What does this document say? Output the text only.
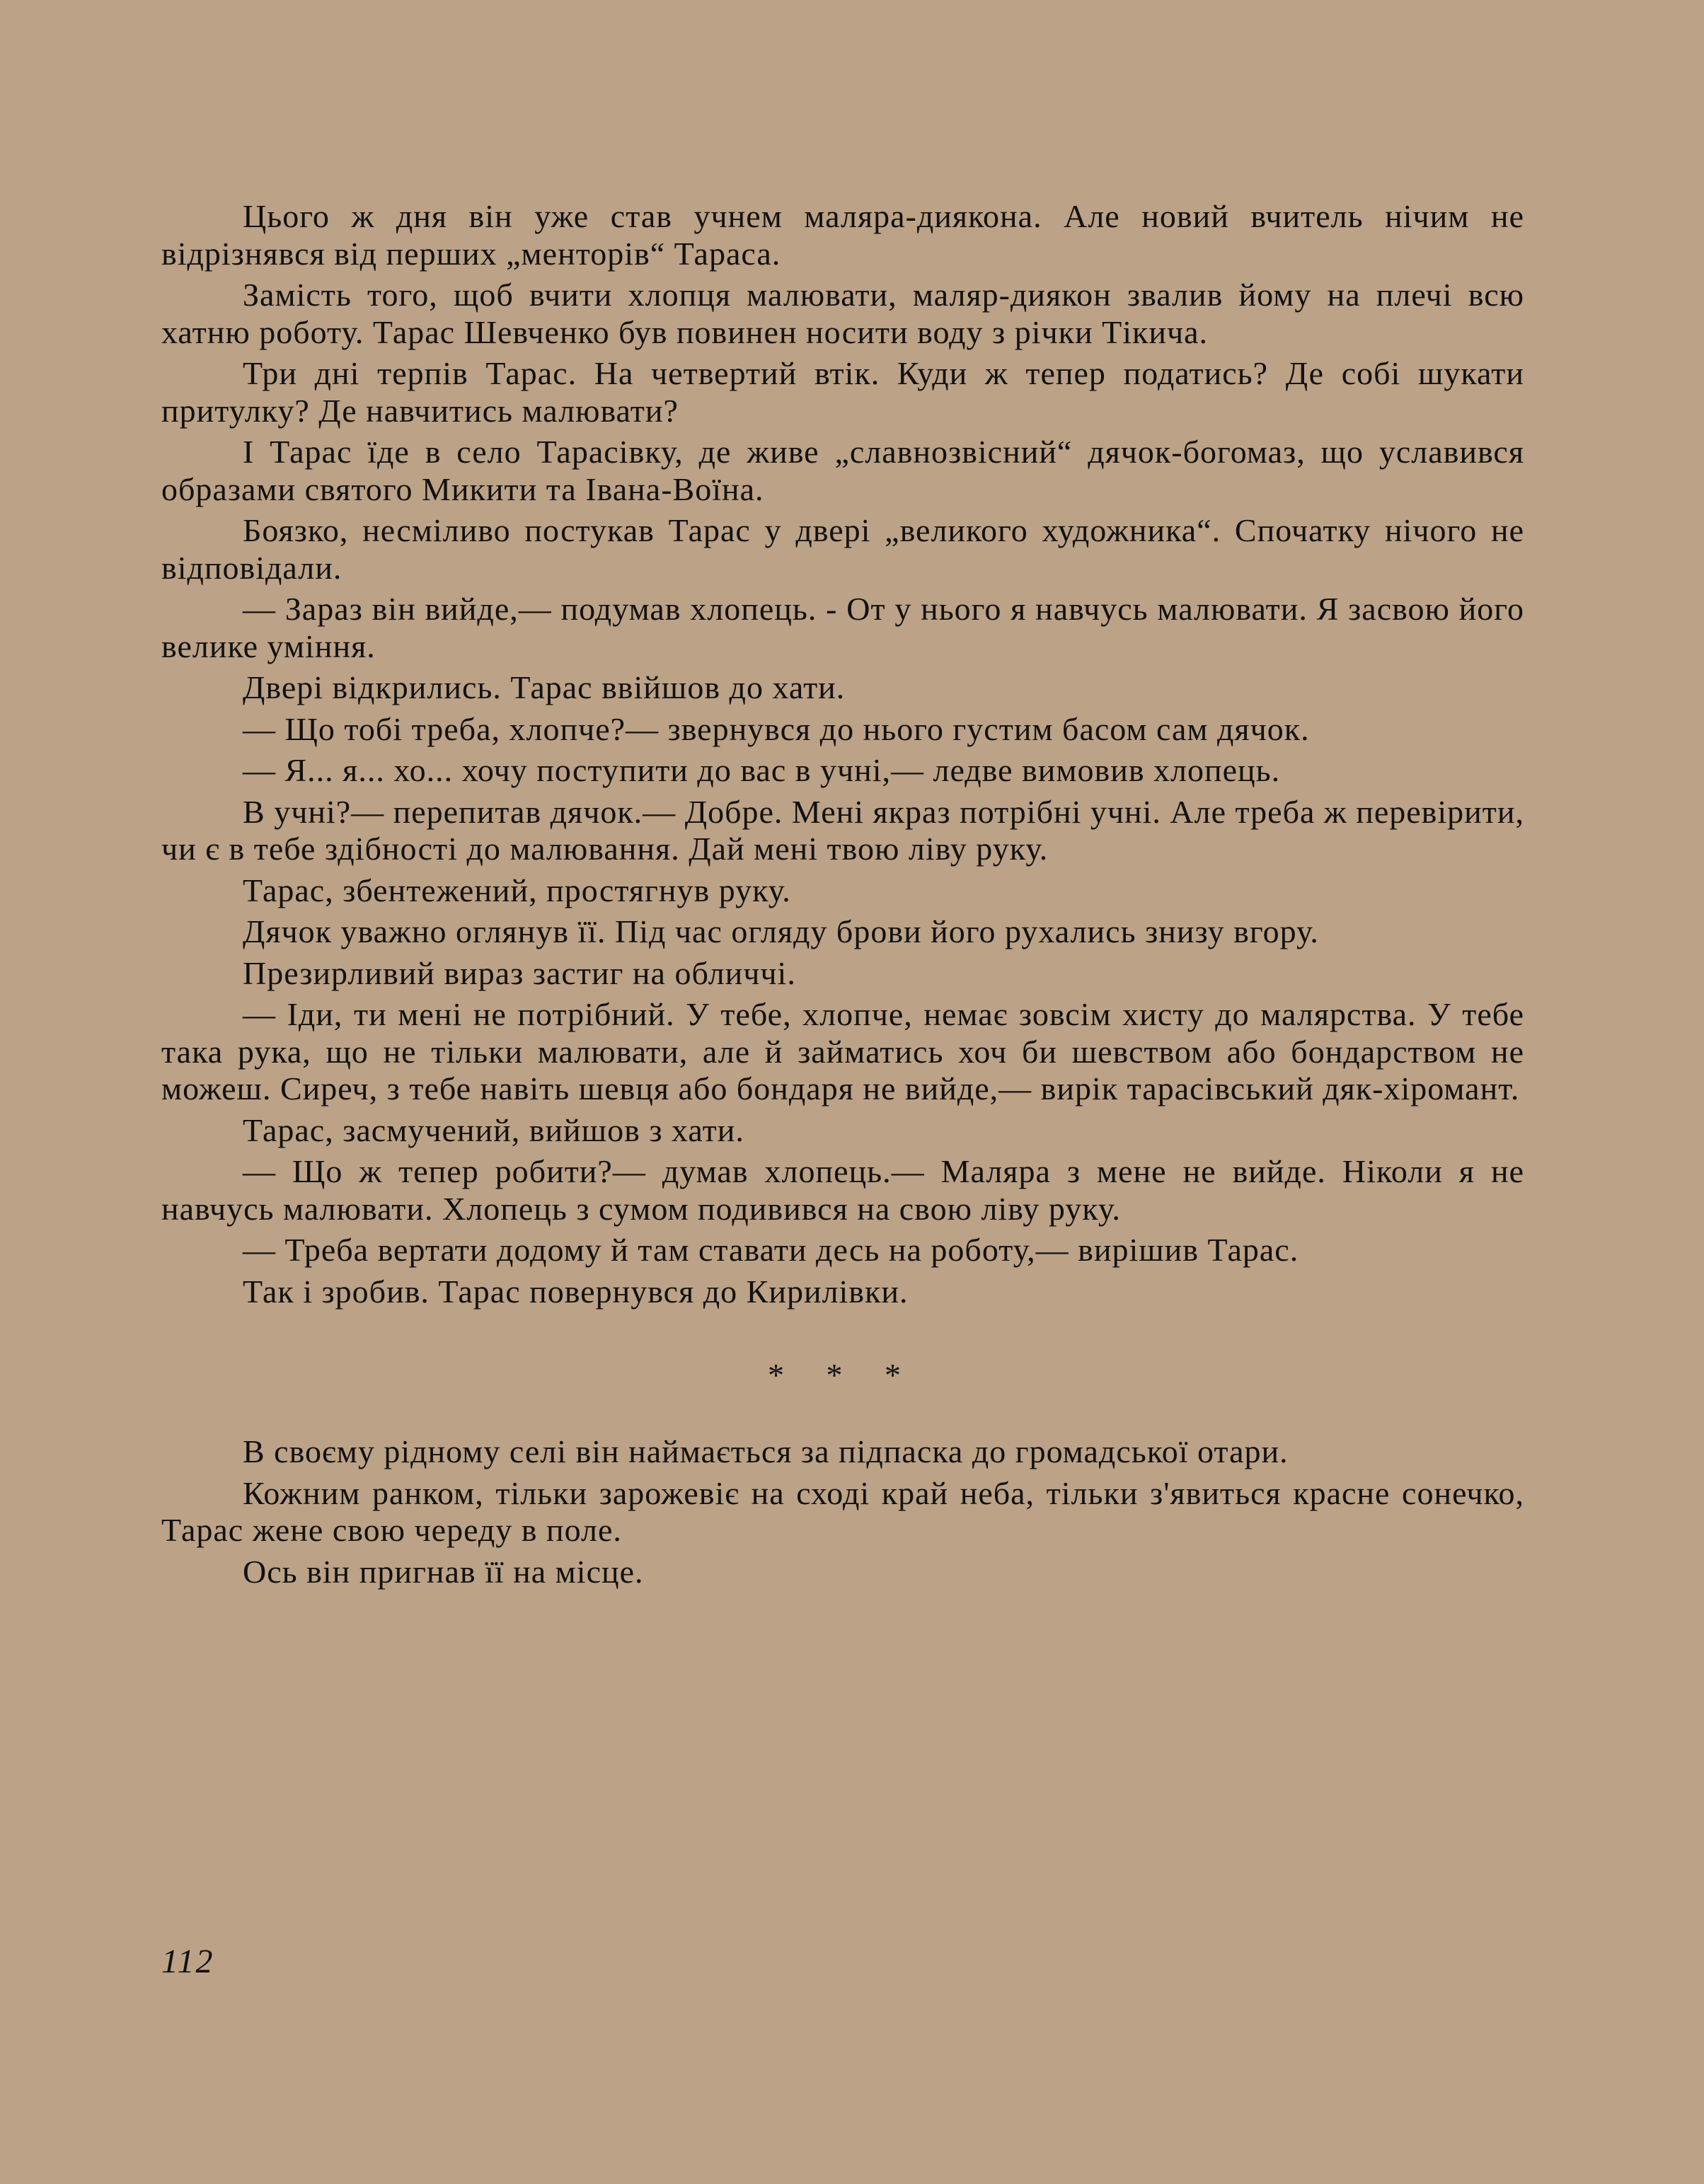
Цього ж дня він уже став учнем маляра-диякона. Але новий вчитель нічим не відрізнявся від перших „менторів“ Тараса.

Замість того, щоб вчити хлопця малювати, маляр-диякон звалив йому на плечі всю хатню роботу. Тарас Шевченко був повинен носити воду з річки Тікича.

Три дні терпів Тарас. На четвертий втік. Куди ж тепер податись? Де собі шукати притулку? Де навчитись малювати?

І Тарас їде в село Тарасівку, де живе „славнозвісний“ дячок-богомаз, що уславився образами святого Микити та Івана-Воїна.

Боязко, несміливо постукав Тарас у двері „великого художника“. Спочатку нічого не відповідали.

— Зараз він вийде,— подумав хлопець. - От у нього я навчусь малювати. Я засвою його велике уміння.

Двері відкрились. Тарас ввійшов до хати.

— Що тобі треба, хлопче?— звернувся до нього густим басом сам дячок.

— Я... я... хо... хочу поступити до вас в учні,— ледве вимовив хлопець.

В учні?— перепитав дячок.— Добре. Мені якраз потрібні учні. Але треба ж перевірити, чи є в тебе здібності до малювання. Дай мені твою ліву руку.

Тарас, збентежений, простягнув руку.

Дячок уважно оглянув її. Під час огляду брови його рухались знизу вгору.

Презирливий вираз застиг на обличчі.

— Іди, ти мені не потрібний. У тебе, хлопче, немає зовсім хисту до малярства. У тебе така рука, що не тільки малювати, але й займатись хоч би шевством або бондарством не можеш. Сиреч, з тебе навіть шевця або бондаря не вийде,— вирік тарасівський дяк-хіромант.

Тарас, засмучений, вийшов з хати.

— Що ж тепер робити?— думав хлопець.— Маляра з мене не вийде. Ніколи я не навчусь малювати. Хлопець з сумом подивився на свою ліву руку.

— Треба вертати додому й там ставати десь на роботу,— вирішив Тарас.

Так і зробив. Тарас повернувся до Кирилівки.

* * *

В своєму рідному селі він наймається за підпаска до громадської отари.

Кожним ранком, тільки зарожевіє на сході край неба, тільки з'явиться красне сонечко, Тарас жене свою череду в поле.

Ось він пригнав її на місце.

112
